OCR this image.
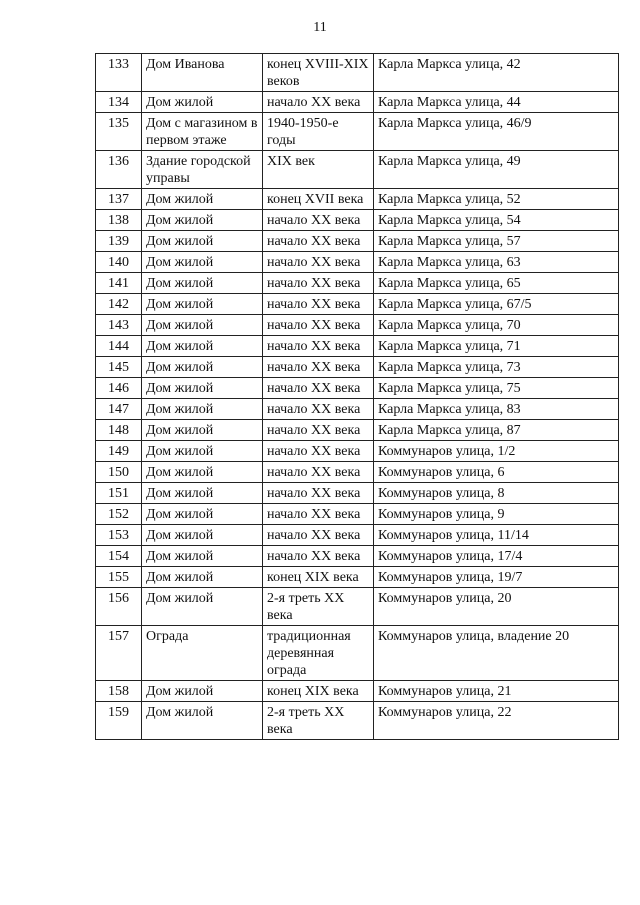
11
133	Дом Иванова	конец XVIII-XIX веков	Карла Маркса улица, 42
134	Дом жилой	начало XX века	Карла Маркса улица, 44
135	Дом с магазином в первом этаже	1940-1950-е годы	Карла Маркса улица, 46/9
136	Здание городской управы	XIX век	Карла Маркса улица, 49
137	Дом жилой	конец XVII века	Карла Маркса улица, 52
138	Дом жилой	начало XX века	Карла Маркса улица, 54
139	Дом жилой	начало XX века	Карла Маркса улица, 57
140	Дом жилой	начало XX века	Карла Маркса улица, 63
141	Дом жилой	начало XX века	Карла Маркса улица, 65
142	Дом жилой	начало XX века	Карла Маркса улица, 67/5
143	Дом жилой	начало XX века	Карла Маркса улица, 70
144	Дом жилой	начало XX века	Карла Маркса улица, 71
145	Дом жилой	начало XX века	Карла Маркса улица, 73
146	Дом жилой	начало XX века	Карла Маркса улица, 75
147	Дом жилой	начало XX века	Карла Маркса улица, 83
148	Дом жилой	начало XX века	Карла Маркса улица, 87
149	Дом жилой	начало XX века	Коммунаров улица, 1/2
150	Дом жилой	начало XX века	Коммунаров улица, 6
151	Дом жилой	начало XX века	Коммунаров улица, 8
152	Дом жилой	начало XX века	Коммунаров улица, 9
153	Дом жилой	начало XX века	Коммунаров улица, 11/14
154	Дом жилой	начало XX века	Коммунаров улица, 17/4
155	Дом жилой	конец XIX века	Коммунаров улица, 19/7
156	Дом жилой	2-я треть XX века	Коммунаров улица, 20
157	Ограда	традиционная деревянная ограда	Коммунаров улица, владение 20
158	Дом жилой	конец XIX века	Коммунаров улица, 21
159	Дом жилой	2-я треть XX века	Коммунаров улица, 22
